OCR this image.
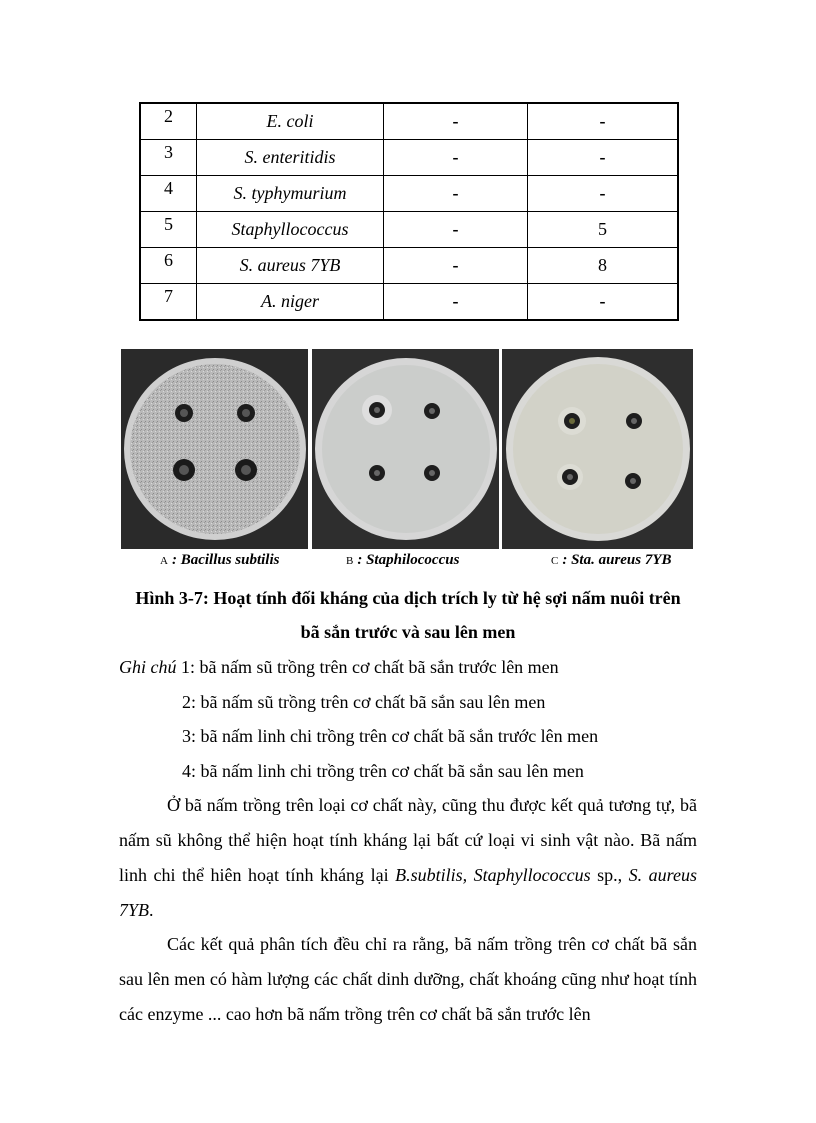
2	E. coli	-	-
3	S. enteritidis	-	-
4	S. typhymurium	-	-
5	Staphyllococcus	-	5
6	S. aureus 7YB	-	8
7	A. niger	-	-
A : Bacillus subtilis	B : Staphilococcus	C : Sta. aureus 7YB
Hình 3-7: Hoạt tính đối kháng của dịch trích ly từ hệ sợi nấm nuôi trên
bã sắn trước và sau lên men
Ghi chú 1: bã nấm sũ trồng trên cơ chất bã sắn trước lên men
2: bã nấm sũ trồng trên cơ chất bã sắn sau lên men
3: bã nấm linh chi trồng trên cơ chất bã sắn trước lên men
4: bã nấm linh chi trồng trên cơ chất bã sắn sau lên men
Ở bã nấm trồng trên loại cơ chất này, cũng thu được kết quả tương tự, bã nấm sũ không thể hiện hoạt tính kháng lại bất cứ loại vi sinh vật nào. Bã nấm linh chi thể hiên hoạt tính kháng lại B.subtilis, Staphyllococcus sp., S. aureus 7YB.
Các kết quả phân tích đều chỉ ra rằng, bã nấm trồng trên cơ chất bã sắn sau lên men có hàm lượng các chất dinh dưỡng, chất khoáng cũng như hoạt tính các enzyme ... cao hơn bã nấm trồng trên cơ chất bã sắn trước lên
